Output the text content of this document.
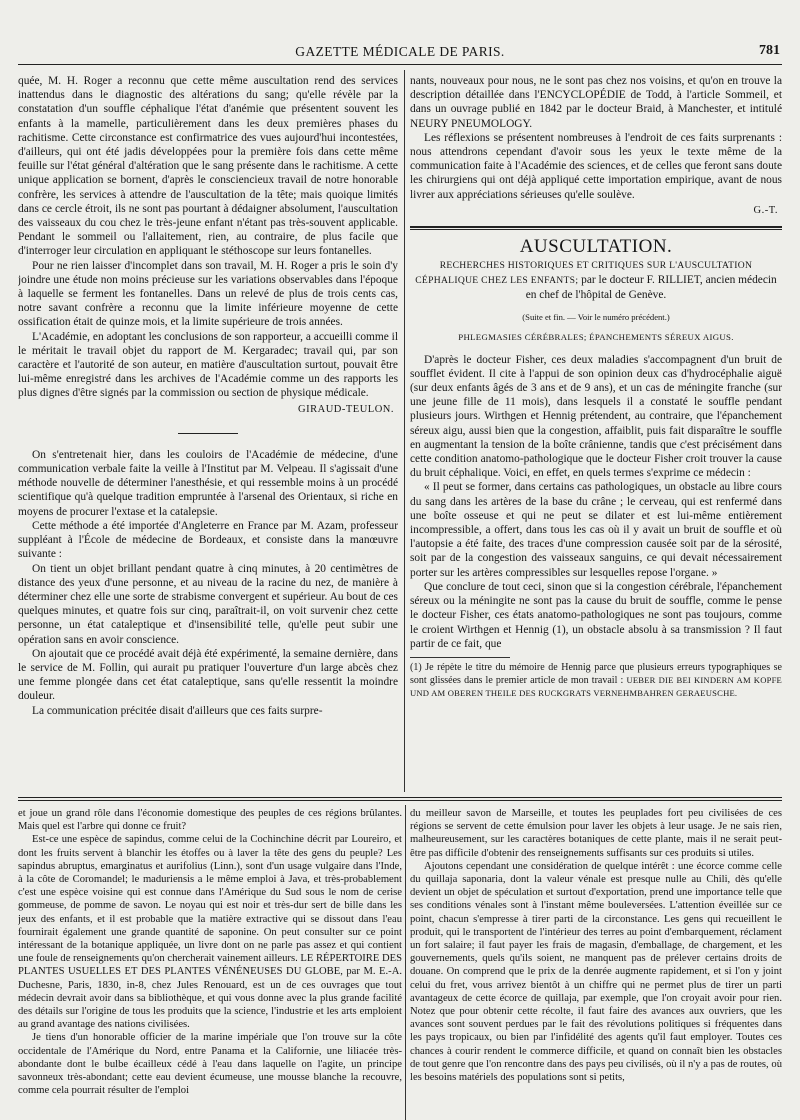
GAZETTE MÉDICALE DE PARIS.	781

quée, M. H. Roger a reconnu que cette même auscultation rend des services inattendus dans le diagnostic des altérations du sang; qu'elle révèle par la constatation d'un souffle céphalique l'état d'anémie que présentent souvent les enfants à la mamelle, particulièrement dans les deux premières phases du rachitisme. Cette circonstance est confirmatrice des vues aujourd'hui incontestées, d'ailleurs, qui ont été jadis développées pour la première fois dans cette même feuille sur l'état général d'altération que le sang présente dans le rachitisme. A cette unique application se bornent, d'après le consciencieux travail de notre honorable confrère, les services à attendre de l'auscultation de la tête; mais quoique limités dans ce cercle étroit, ils ne sont pas pourtant à dédaigner absolument, l'auscultation des vaisseaux du cou chez le très-jeune enfant n'étant pas très-souvent applicable. Pendant le sommeil ou l'allaitement, rien, au contraire, de plus facile que d'interroger leur circulation en appliquant le stéthoscope sur leurs fontanelles.

Pour ne rien laisser d'incomplet dans son travail, M. H. Roger a pris le soin d'y joindre une étude non moins précieuse sur les variations observables dans l'époque à laquelle se ferment les fontanelles. Dans un relevé de plus de trois cents cas, notre savant confrère a reconnu que la limite inférieure moyenne de cette ossification était de quinze mois, et la limite supérieure de trois années.

L'Académie, en adoptant les conclusions de son rapporteur, a accueilli comme il le méritait le travail objet du rapport de M. Kergaradec; travail qui, par son caractère et l'autorité de son auteur, en matière d'auscultation surtout, pouvait être lui-même enregistré dans les archives de l'Académie comme un des rapports les plus dignes d'être signés par la commission ou section de physique médicale.

GIRAUD-TEULON.

On s'entretenait hier, dans les couloirs de l'Académie de médecine, d'une communication verbale faite la veille à l'Institut par M. Velpeau. Il s'agissait d'une méthode nouvelle de déterminer l'anesthésie, et qui ressemble moins à un procédé scientifique qu'à quelque tradition empruntée à l'arsenal des Orientaux, si riche en moyens de procurer l'extase et la catalepsie.

Cette méthode a été importée d'Angleterre en France par M. Azam, professeur suppléant à l'École de médecine de Bordeaux, et consiste dans la manœuvre suivante :

On tient un objet brillant pendant quatre à cinq minutes, à 20 centimètres de distance des yeux d'une personne, et au niveau de la racine du nez, de manière à déterminer chez elle une sorte de strabisme convergent et supérieur. Au bout de ces quelques minutes, et quatre fois sur cinq, paraîtrait-il, on voit survenir chez cette personne, un état cataleptique et d'insensibilité telle, qu'elle peut subir une opération sans en avoir conscience.

On ajoutait que ce procédé avait déjà été expérimenté, la semaine dernière, dans le service de M. Follin, qui aurait pu pratiquer l'ouverture d'un large abcès chez une femme plongée dans cet état cataleptique, sans qu'elle ressentit la moindre douleur.

La communication précitée disait d'ailleurs que ces faits surpre-

nants, nouveaux pour nous, ne le sont pas chez nos voisins, et qu'on en trouve la description détaillée dans l'ENCYCLOPÉDIE de Todd, à l'article Sommeil, et dans un ouvrage publié en 1842 par le docteur Braid, à Manchester, et intitulé NEURY PNEUMOLOGY.

Les réflexions se présentent nombreuses à l'endroit de ces faits surprenants : nous attendrons cependant d'avoir sous les yeux le texte même de la communication faite à l'Académie des sciences, et de celles que feront sans doute les chirurgiens qui ont déjà appliqué cette importation empirique, avant de nous livrer aux appréciations sérieuses qu'elle soulève.

G.-T.
AUSCULTATION.
RECHERCHES HISTORIQUES ET CRITIQUES SUR L'AUSCULTATION CÉPHALIQUE CHEZ LES ENFANTS; par le docteur F. RILLIET, ancien médecin en chef de l'hôpital de Genève.
(Suite et fin. — Voir le numéro précédent.)
PHLEGMASIES CÉRÉBRALES; ÉPANCHEMENTS SÉREUX AIGUS.

D'après le docteur Fisher, ces deux maladies s'accompagnent d'un bruit de soufflet évident. Il cite à l'appui de son opinion deux cas d'hydrocéphalie aiguë (sur deux enfants âgés de 3 ans et de 9 ans), et un cas de méningite franche (sur une jeune fille de 11 mois), dans lesquels il a constaté le souffle pendant plusieurs jours. Wirthgen et Hennig prétendent, au contraire, que l'épanchement séreux aigu, aussi bien que la congestion, affaiblit, puis fait disparaître le souffle en augmentant la tension de la boîte crânienne, tandis que c'est précisément dans cette condition anatomo-pathologique que le docteur Fisher croit trouver la cause du bruit céphalique. Voici, en effet, en quels termes s'exprime ce médecin :

« Il peut se former, dans certains cas pathologiques, un obstacle au libre cours du sang dans les artères de la base du crâne ; le cerveau, qui est renfermé dans une boîte osseuse et qui ne peut se dilater et est lui-même entièrement incompressible, a offert, dans tous les cas où il y avait un bruit de souffle et où l'autopsie a été faite, des traces d'une compression causée soit par de la sérosité, soit par de la congestion des vaisseaux sanguins, ce qui devait nécessairement porter sur les artères compressibles sur lesquelles repose l'organe. »

Que conclure de tout ceci, sinon que si la congestion cérébrale, l'épanchement séreux ou la méningite ne sont pas la cause du bruit de souffle, comme le pense le docteur Fisher, ces états anatomo-pathologiques ne sont pas toujours, comme le croient Wirthgen et Hennig (1), un obstacle absolu à sa transmission ? Il faut partir de ce fait, que

(1) Je répète le titre du mémoire de Hennig parce que plusieurs erreurs typographiques se sont glissées dans le premier article de mon travail : UEBER DIE BEI KINDERN AM KOPFE UND AM OBEREN THEILE DES RUCKGRATS VERNEHMBAHREN GERAEUSCHE.

et joue un grand rôle dans l'économie domestique des peuples de ces régions brûlantes. Mais quel est l'arbre qui donne ce fruit?

Est-ce une espèce de sapindus, comme celui de la Cochinchine décrit par Loureiro, et dont les fruits servent à blanchir les étoffes ou à laver la tête des gens du peuple? Les sapindus abruptus, emarginatus et aurifolius (Linn.), sont d'un usage vulgaire dans l'Inde, à la côte de Coromandel; le maduriensis a le même emploi à Java, et très-probablement c'est une espèce voisine qui est connue dans l'Amérique du Sud sous le nom de cerise gommeuse, de pomme de savon. Le noyau qui est noir et très-dur sert de bille dans les jeux des enfants, et il est probable que la matière extractive qui se dissout dans l'eau fournirait également une grande quantité de saponine. On peut consulter sur ce point intéressant de la botanique appliquée, un livre dont on ne parle pas assez et qui contient une foule de renseignements qu'on chercherait vainement ailleurs. LE RÉPERTOIRE DES PLANTES USUELLES ET DES PLANTES VÉNÉNEUSES DU GLOBE, par M. E.-A. Duchesne, Paris, 1830, in-8, chez Jules Renouard, est un de ces ouvrages que tout médecin devrait avoir dans sa bibliothèque, et qui vous donne avec la plus grande facilité des détails sur l'origine de tous les produits que la science, l'industrie et les arts emploient au grand avantage des nations civilisées.

Je tiens d'un honorable officier de la marine impériale que l'on trouve sur la côte occidentale de l'Amérique du Nord, entre Panama et la Californie, une liliacée très-abondante dont le bulbe écailleux cédé à l'eau dans laquelle on l'agite, un principe savonneux très-abondant; cette eau devient écumeuse, une mousse blanche la recouvre, comme cela pourrait résulter de l'emploi

du meilleur savon de Marseille, et toutes les peuplades fort peu civilisées de ces régions se servent de cette émulsion pour laver les objets à leur usage. Je ne sais rien, malheureusement, sur les caractères botaniques de cette plante, mais il ne serait peut-être pas difficile d'obtenir des renseignements suffisants sur ces produits si utiles.

Ajoutons cependant une considération de quelque intérêt : une écorce comme celle du quillaja saponaria, dont la valeur vénale est presque nulle au Chili, dès qu'elle devient un objet de spéculation et surtout d'exportation, prend une importance telle que ses conditions vénales sont à l'instant même bouleversées. L'attention éveillée sur ce point, chacun s'empresse à tirer parti de la circonstance. Les gens qui recueillent le produit, qui le transportent de l'intérieur des terres au point d'embarquement, réclament un fort salaire; il faut payer les frais de magasin, d'emballage, de chargement, et les gouvernements, quels qu'ils soient, ne manquent pas de prélever certains droits de douane. On comprend que le prix de la denrée augmente rapidement, et si l'on y joint celui du fret, vous arrivez bientôt à un chiffre qui ne permet plus de tirer un parti avantageux de cette écorce de quillaja, par exemple, que l'on croyait avoir pour rien. Notez que pour obtenir cette récolte, il faut faire des avances aux ouvriers, que les avances sont souvent perdues par le fait des révolutions politiques si fréquentes dans les pays tropicaux, ou bien par l'infidélité des agents qu'il faut employer. Toutes ces chances à courir rendent le commerce difficile, et quand on connaît bien les obstacles de tout genre que l'on rencontre dans des pays peu civilisés, où il n'y a pas de routes, où les besoins matériels des populations sont si petits,
